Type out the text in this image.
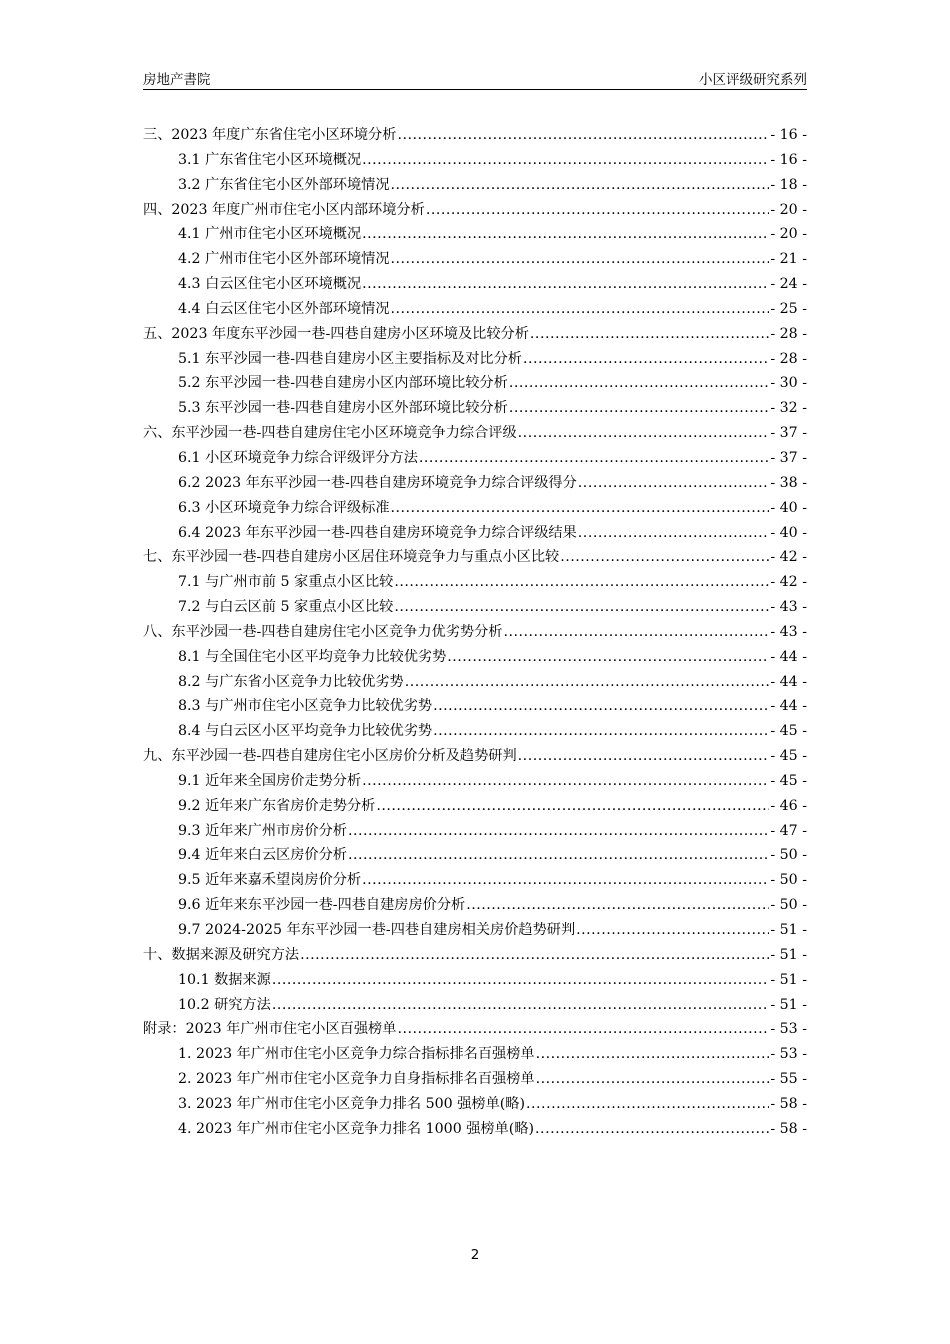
房地产書院	小区评级研究系列
三、2023 年度广东省住宅小区环境分析 .....	- 16 -
3.1 广东省住宅小区环境概况 .....	- 16 -
3.2 广东省住宅小区外部环境情况 .....	- 18 -
四、2023 年度广州市住宅小区内部环境分析 .....	- 20 -
4.1 广州市住宅小区环境概况 .....	- 20 -
4.2 广州市住宅小区外部环境情况 .....	- 21 -
4.3 白云区住宅小区环境概况 .....	- 24 -
4.4 白云区住宅小区外部环境情况 .....	- 25 -
五、2023 年度东平沙园一巷-四巷自建房小区环境及比较分析 .....	- 28 -
5.1 东平沙园一巷-四巷自建房小区主要指标及对比分析 .....	- 28 -
5.2 东平沙园一巷-四巷自建房小区内部环境比较分析 .....	- 30 -
5.3 东平沙园一巷-四巷自建房小区外部环境比较分析 .....	- 32 -
六、东平沙园一巷-四巷自建房住宅小区环境竞争力综合评级 .....	- 37 -
6.1 小区环境竞争力综合评级评分方法 .....	- 37 -
6.2 2023 年东平沙园一巷-四巷自建房环境竞争力综合评级得分 .....	- 38 -
6.3 小区环境竞争力综合评级标准 .....	- 40 -
6.4 2023 年东平沙园一巷-四巷自建房环境竞争力综合评级结果 .....	- 40 -
七、东平沙园一巷-四巷自建房小区居住环境竞争力与重点小区比较 .....	- 42 -
7.1 与广州市前 5 家重点小区比较 .....	- 42 -
7.2 与白云区前 5 家重点小区比较 .....	- 43 -
八、东平沙园一巷-四巷自建房住宅小区竞争力优劣势分析 .....	- 43 -
8.1 与全国住宅小区平均竞争力比较优劣势 .....	- 44 -
8.2 与广东省小区竞争力比较优劣势 .....	- 44 -
8.3 与广州市住宅小区竞争力比较优劣势 .....	- 44 -
8.4 与白云区小区平均竞争力比较优劣势 .....	- 45 -
九、东平沙园一巷-四巷自建房住宅小区房价分析及趋势研判 .....	- 45 -
9.1 近年来全国房价走势分析 .....	- 45 -
9.2 近年来广东省房价走势分析 .....	- 46 -
9.3 近年来广州市房价分析 .....	- 47 -
9.4 近年来白云区房价分析 .....	- 50 -
9.5 近年来嘉禾望岗房价分析 .....	- 50 -
9.6 近年来东平沙园一巷-四巷自建房房价分析 .....	- 50 -
9.7 2024-2025 年东平沙园一巷-四巷自建房相关房价趋势研判 .....	- 51 -
十、数据来源及研究方法 .....	- 51 -
10.1 数据来源 .....	- 51 -
10.2 研究方法 .....	- 51 -
附录：2023 年广州市住宅小区百强榜单 .....	- 53 -
1. 2023 年广州市住宅小区竞争力综合指标排名百强榜单 .....	- 53 -
2. 2023 年广州市住宅小区竞争力自身指标排名百强榜单 .....	- 55 -
3. 2023 年广州市住宅小区竞争力排名 500 强榜单(略) .....	- 58 -
4. 2023 年广州市住宅小区竞争力排名 1000 强榜单(略) .....	- 58 -
2
